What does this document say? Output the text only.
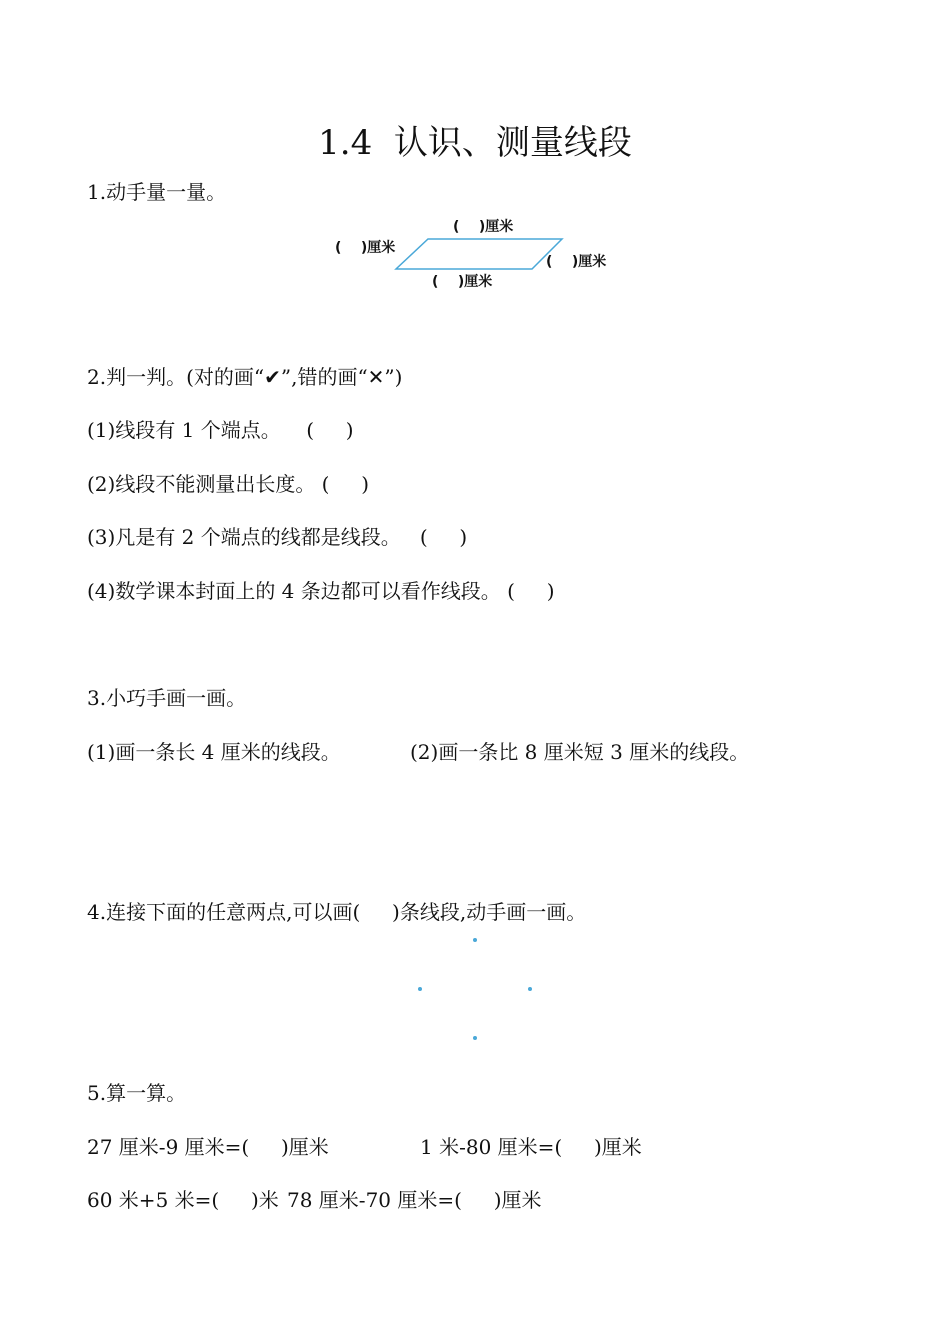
1.4  认识、测量线段
1.动手量一量。
(    )厘米
(    )厘米
(    )厘米
(    )厘米
2.判一判。(对的画“✔”,错的画“✕”)
(1)线段有 1 个端点。    (     )
(2)线段不能测量出长度。 (     )
(3)凡是有 2 个端点的线都是线段。   (     )
(4)数学课本封面上的 4 条边都可以看作线段。 (     )
3.小巧手画一画。
(1)画一条长 4 厘米的线段。	(2)画一条比 8 厘米短 3 厘米的线段。
4.连接下面的任意两点,可以画(     )条线段,动手画一画。
5.算一算。
27 厘米-9 厘米=(     )厘米	1 米-80 厘米=(     )厘米
60 米+5 米=(     )米 78 厘米-70 厘米=(     )厘米
